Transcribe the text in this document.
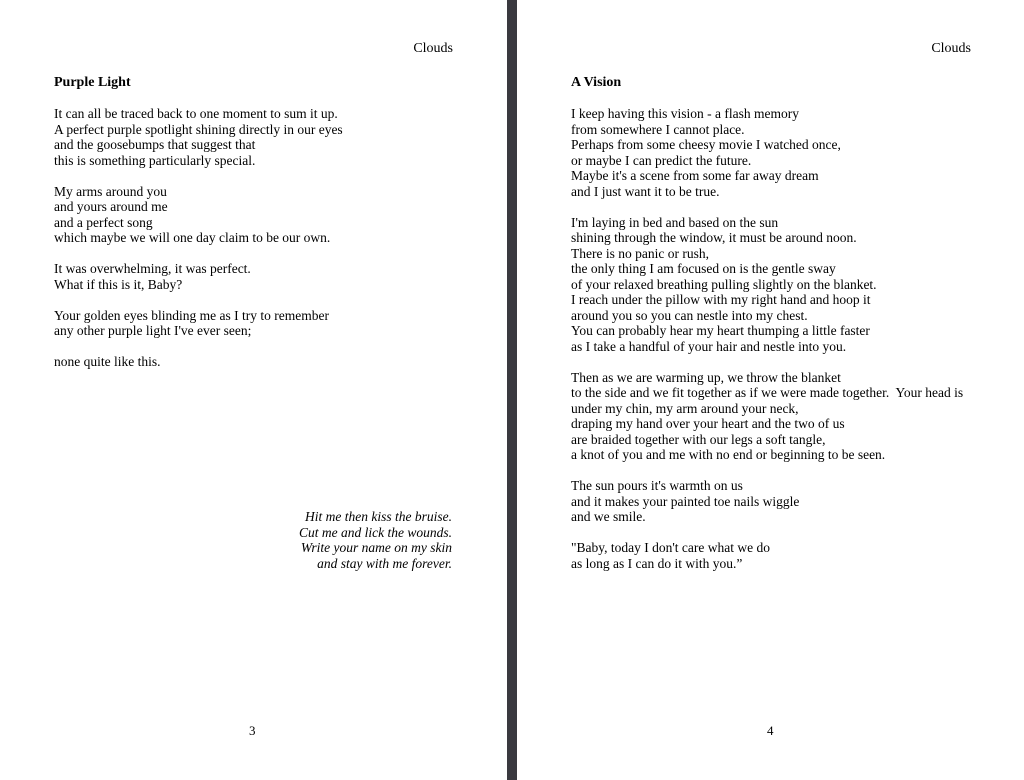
Clouds
Purple Light
It can all be traced back to one moment to sum it up.
A perfect purple spotlight shining directly in our eyes
and the goosebumps that suggest that
this is something particularly special.
My arms around you
and yours around me
and a perfect song
which maybe we will one day claim to be our own.
It was overwhelming, it was perfect.
What if this is it, Baby?
Your golden eyes blinding me as I try to remember
any other purple light I've ever seen;
none quite like this.
Hit me then kiss the bruise.
Cut me and lick the wounds.
Write your name on my skin
and stay with me forever.
3
Clouds
A Vision
I keep having this vision - a flash memory
from somewhere I cannot place.
Perhaps from some cheesy movie I watched once,
or maybe I can predict the future.
Maybe it's a scene from some far away dream
and I just want it to be true.
I'm laying in bed and based on the sun
shining through the window, it must be around noon.
There is no panic or rush,
the only thing I am focused on is the gentle sway
of your relaxed breathing pulling slightly on the blanket.
I reach under the pillow with my right hand and hoop it
around you so you can nestle into my chest.
You can probably hear my heart thumping a little faster
as I take a handful of your hair and nestle into you.
Then as we are warming up, we throw the blanket
to the side and we fit together as if we were made together.  Your head is
under my chin, my arm around your neck,
draping my hand over your heart and the two of us
are braided together with our legs a soft tangle,
a knot of you and me with no end or beginning to be seen.
The sun pours it's warmth on us
and it makes your painted toe nails wiggle
and we smile.
"Baby, today I don't care what we do
as long as I can do it with you.”
4
